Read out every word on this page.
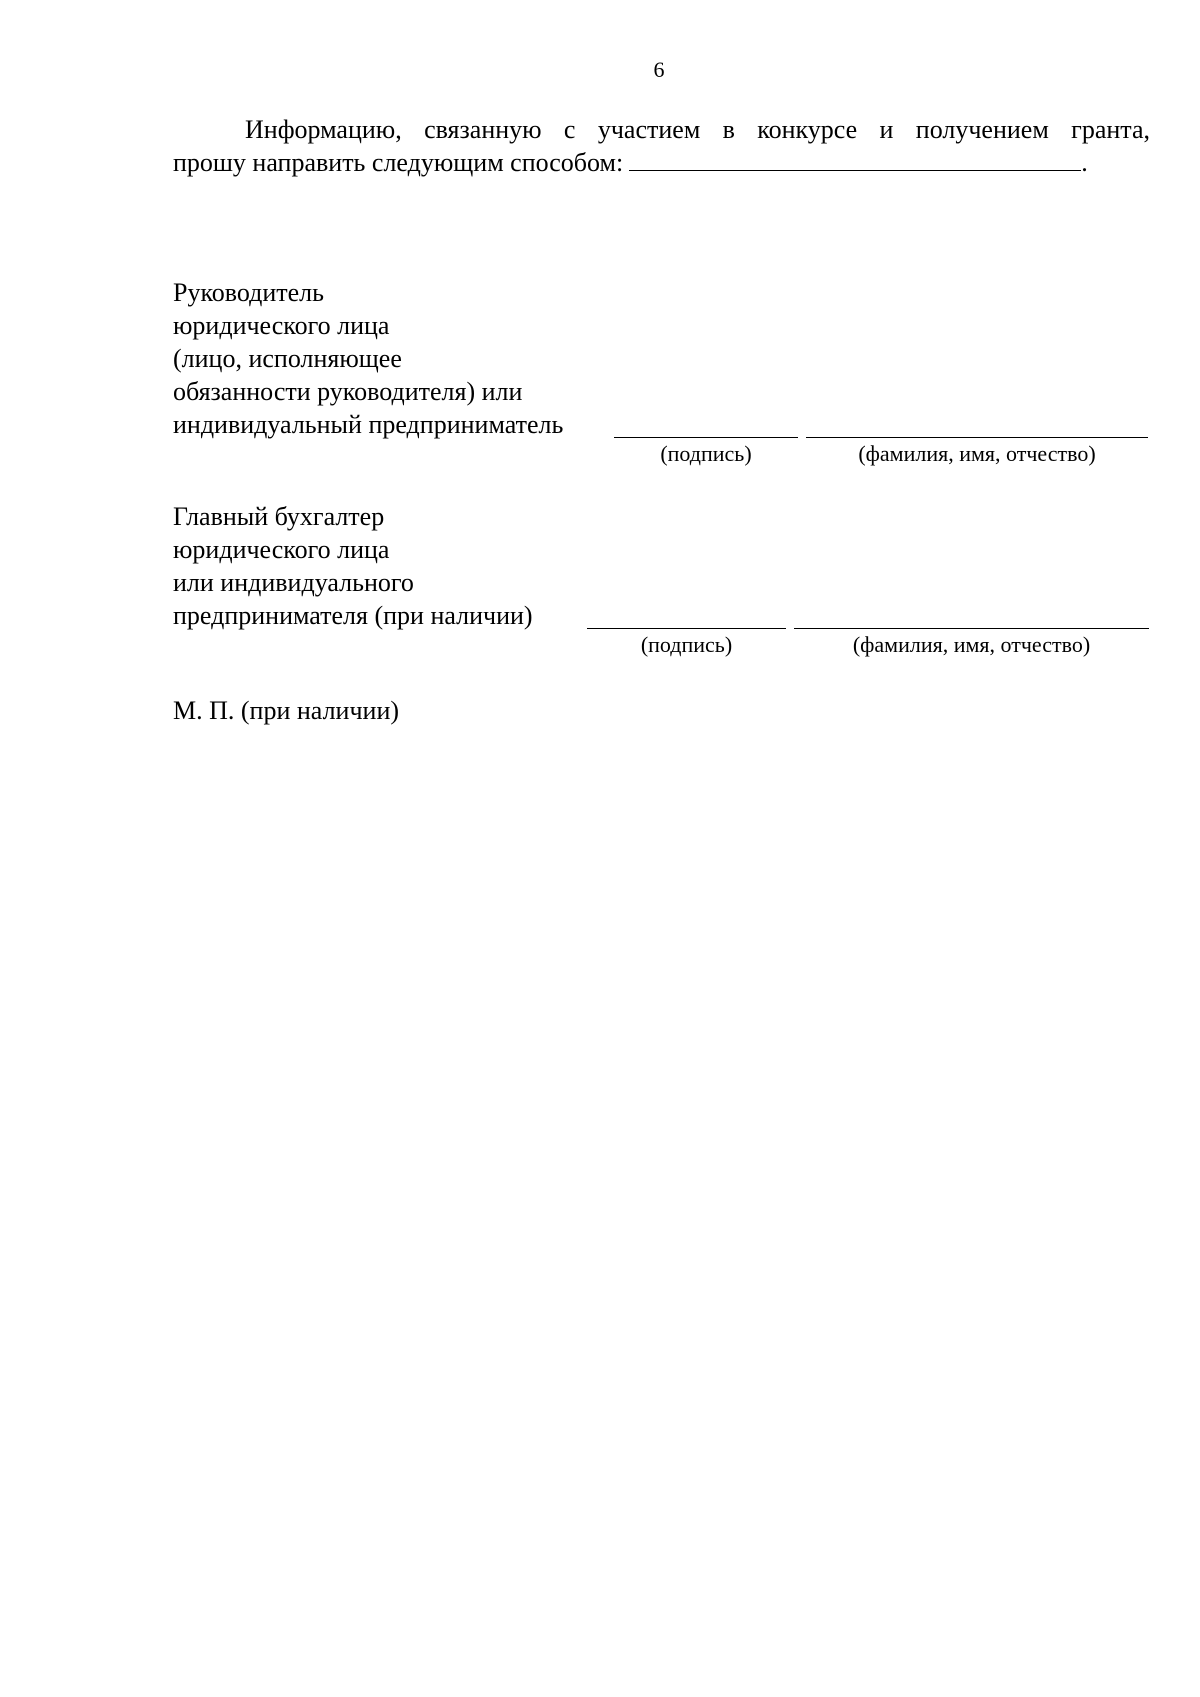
6
Информацию, связанную с участием в конкурсе и получением гранта,
прошу направить следующим способом:	.
Руководитель
юридического лица
(лицо, исполняющее
обязанности руководителя) или
индивидуальный предприниматель
(подпись)	(фамилия, имя, отчество)
Главный бухгалтер
юридического лица
или индивидуального
предпринимателя (при наличии)
(подпись)	(фамилия, имя, отчество)
М. П. (при наличии)
